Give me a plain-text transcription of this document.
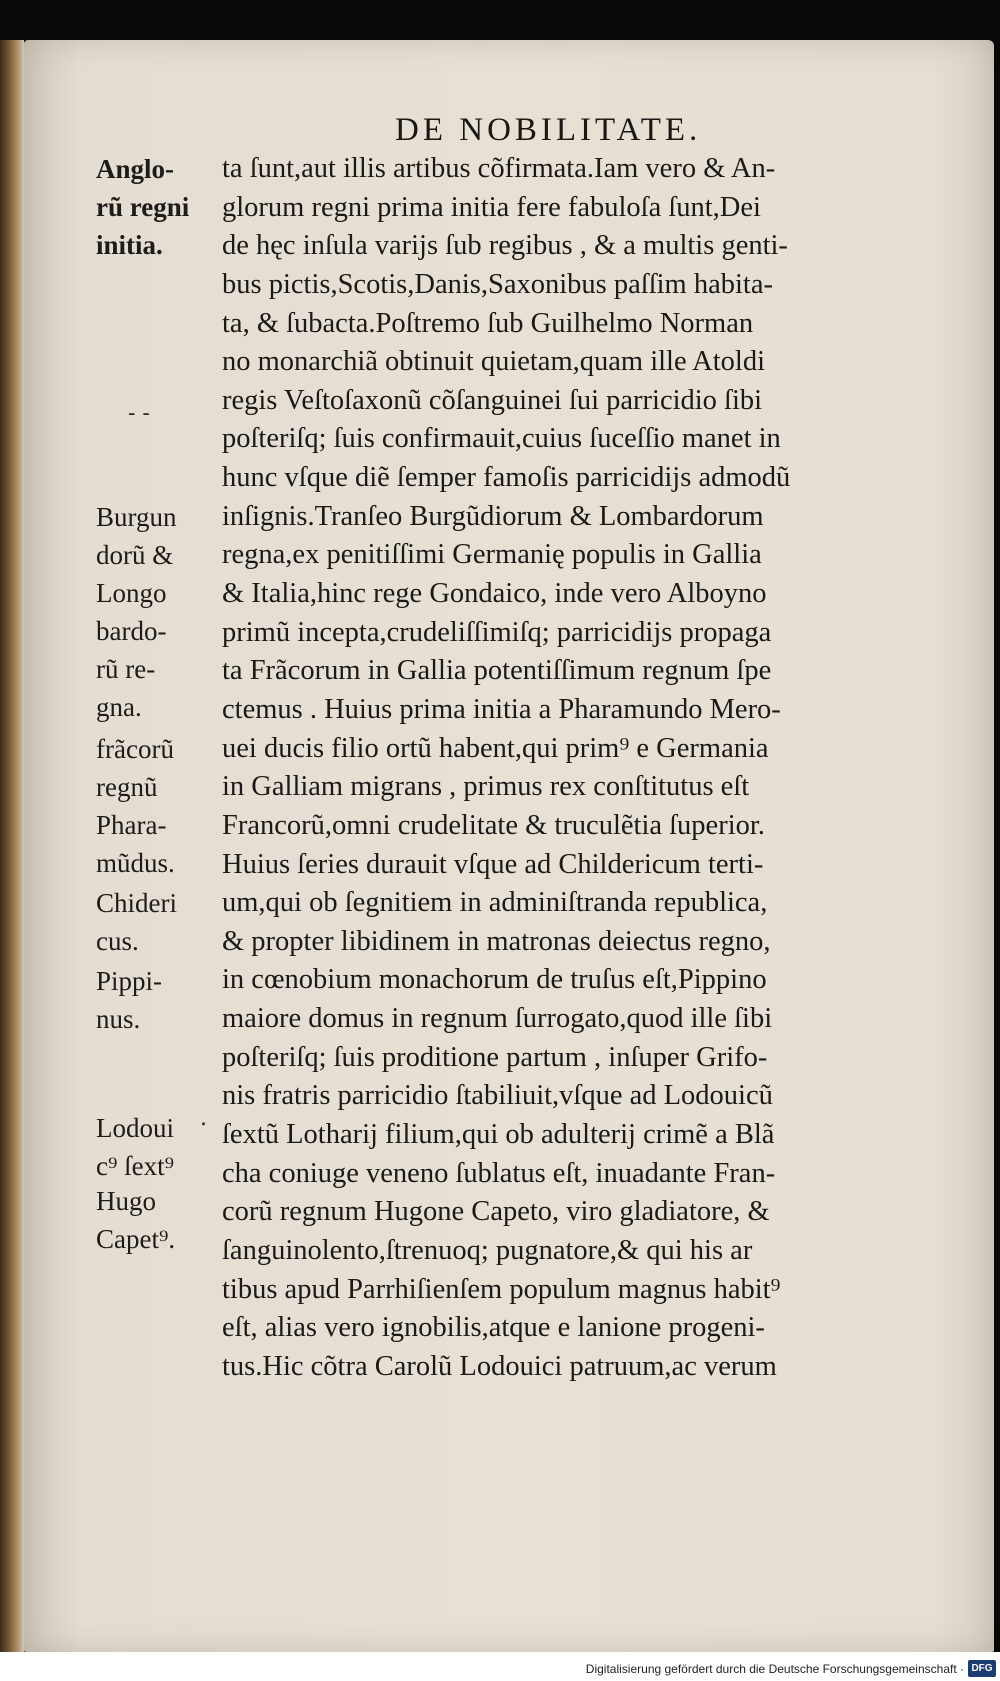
DE NOBILITATE.
Anglo-
rũ regni
initia.
Burgun
dorũ &
Longo
bardo-
rũ re-
gna.
frãcorũ
regnũ
Phara-
mũdus.
Chideri
cus.
Pippi-
nus.
Lodoui
c⁹ ſext⁹
Hugo
Capet⁹.
ta ſunt,aut illis artibus cõfirmata.Iam vero & An-
glorum regni prima initia fere fabuloſa ſunt,Dei
de hęc inſula varijs ſub regibus , & a multis genti-
bus pictis,Scotis,Danis,Saxonibus paſſim habita-
ta, & ſubacta.Poſtremo ſub Guilhelmo Norman
no monarchiã obtinuit quietam,quam ille Atoldi
regis Veſtoſaxonũ cõſanguinei ſui parricidio ſibi
poſteriſq; ſuis confirmauit,cuius ſuceſſio manet in
hunc vſque diẽ ſemper famoſis parricidijs admodũ
inſignis.Tranſeo Burgũdiorum & Lombardorum
regna,ex penitiſſimi Germanię populis in Gallia
& Italia,hinc rege Gondaico, inde vero Alboyno
primũ incepta,crudeliſſimiſq; parricidijs propaga
ta Frãcorum in Gallia potentiſſimum regnum ſpe
ctemus . Huius prima initia a Pharamundo Mero-
uei ducis filio ortũ habent,qui prim⁹ e Germania
in Galliam migrans , primus rex conſtitutus eſt
Francorũ,omni crudelitate & truculẽtia ſuperior.
Huius ſeries durauit vſque ad Childericum terti-
um,qui ob ſegnitiem in adminiſtranda republica,
& propter libidinem in matronas deiectus regno,
in cœnobium monachorum de truſus eſt,Pippino
maiore domus in regnum ſurrogato,quod ille ſibi
poſteriſq; ſuis proditione partum , inſuper Grifo-
nis fratris parricidio ſtabiliuit,vſque ad Lodouicũ
ſextũ Lotharij filium,qui ob adulterij crimẽ a Blã
cha coniuge veneno ſublatus eſt, inuadante Fran-
corũ regnum Hugone Capeto, viro gladiatore, &
ſanguinolento,ſtrenuoq; pugnatore,& qui his ar
tibus apud Parrhiſienſem populum magnus habit⁹
eſt, alias vero ignobilis,atque e lanione progeni-
tus.Hic cõtra Carolũ Lodouici patruum,ac verum
- -
.
Digitalisierung gefördert durch die Deutsche Forschungsgemeinschaft · DFG
